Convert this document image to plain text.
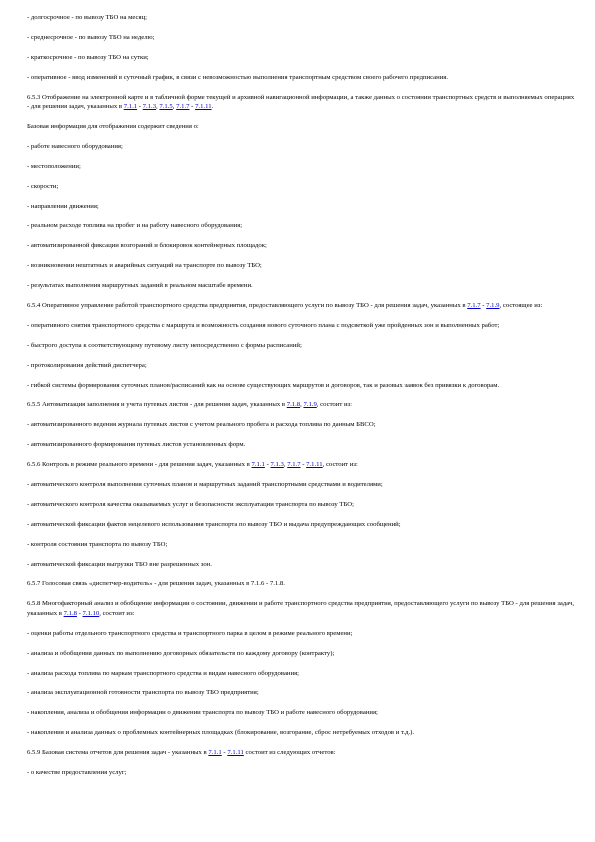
- долгосрочное - по вывозу ТБО на месяц;

- среднесрочное - по вывозу ТБО на неделю;

- краткосрочное - по вывозу ТБО на сутки;

- оперативное - ввод изменений в суточный график, в связи с невозможностью выполнения транспортным средством своего рабочего предписания.

6.5.3 Отображение на электронной карте и в табличной форме текущей и архивной навигационной информации, а также данных о состоянии транспортных средств и выполняемых операциях - для решения задач, указанных в 7.1.1 - 7.1.3, 7.1.5, 7.1.7 - 7.1.11.

Базовая информация для отображения содержит сведения о:

- работе навесного оборудования;

- местоположении;

- скорости;

- направлении движения;

- реальном расходе топлива на пробег и на работу навесного оборудования;

- автоматизированной фиксации возгораний и блокировок контейнерных площадок;

- возникновении нештатных и аварийных ситуаций на транспорте по вывозу ТБО;

- результатах выполнения маршрутных заданий в реальном масштабе времени.

6.5.4 Оперативное управление работой транспортного средства предприятия, предоставляющего услуги по вывозу ТБО - для решения задач, указанных в 7.1.7 - 7.1.9, состоящее из:

- оперативного снятия транспортного средства с маршрута и возможность создания нового суточного плана с подсветкой уже пройденных зон и выполненных работ;

- быстрого доступа к соответствующему путевому листу непосредственно с формы расписаний;

- протоколирования действий диспетчера;

- гибкой системы формирования суточных планов/расписаний как на основе существующих маршрутов и договоров, так и разовых заявок без привязки к договорам.

6.5.5 Автоматизация заполнения и учета путевых листов - для решения задач, указанных в 7.1.8, 7.1.9, состоит из:

- автоматизированного ведения журнала путевых листов с учетом реального пробега и расхода топлива по данным БВСО;

- автоматизированного формирования путевых листов установленных форм.

6.5.6 Контроль в режиме реального времени - для решения задач, указанных в 7.1.1 - 7.1.3, 7.1.7 - 7.1.11, состоит из:

- автоматического контроля выполнения суточных планов и маршрутных заданий транспортными средствами и водителями;

- автоматического контроля качества оказываемых услуг и безопасности эксплуатации транспорта по вывозу ТБО;

- автоматической фиксации фактов нецелевого использования транспорта по вывозу ТБО и выдача предупреждающих сообщений;

- контроля состояния транспорта по вывозу ТБО;

- автоматической фиксации выгрузки ТБО вне разрешенных зон.

6.5.7 Голосовая связь «диспетчер-водитель» - для решения задач, указанных в 7.1.6 - 7.1.8.

6.5.8 Многофакторный анализ и обобщение информации о состоянии, движении и работе транспортного средства предприятия, предоставляющего услуги по вывозу ТБО - для решения задач, указанных в 7.1.8 - 7.1.10, состоит из:

- оценки работы отдельного транспортного средства и транспортного парка в целом в режиме реального времени;

- анализа и обобщения данных по выполнению договорных обязательств по каждому договору (контракту);

- анализа расхода топлива по маркам транспортного средства и видам навесного оборудования;

- анализа эксплуатационной готовности транспорта по вывозу ТБО предприятия;

- накопления, анализа и обобщения информации о движении транспорта по вывозу ТБО и работе навесного оборудования;

- накопления и анализа данных о проблемных контейнерных площадках (блокирование, возгорание, сброс нетребуемых отходов и т.д.).

6.5.9 Базовая система отчетов для решения задач - указанных в 7.1.1 - 7.1.11 состоит из следующих отчетов:

- о качестве предоставления услуг;
